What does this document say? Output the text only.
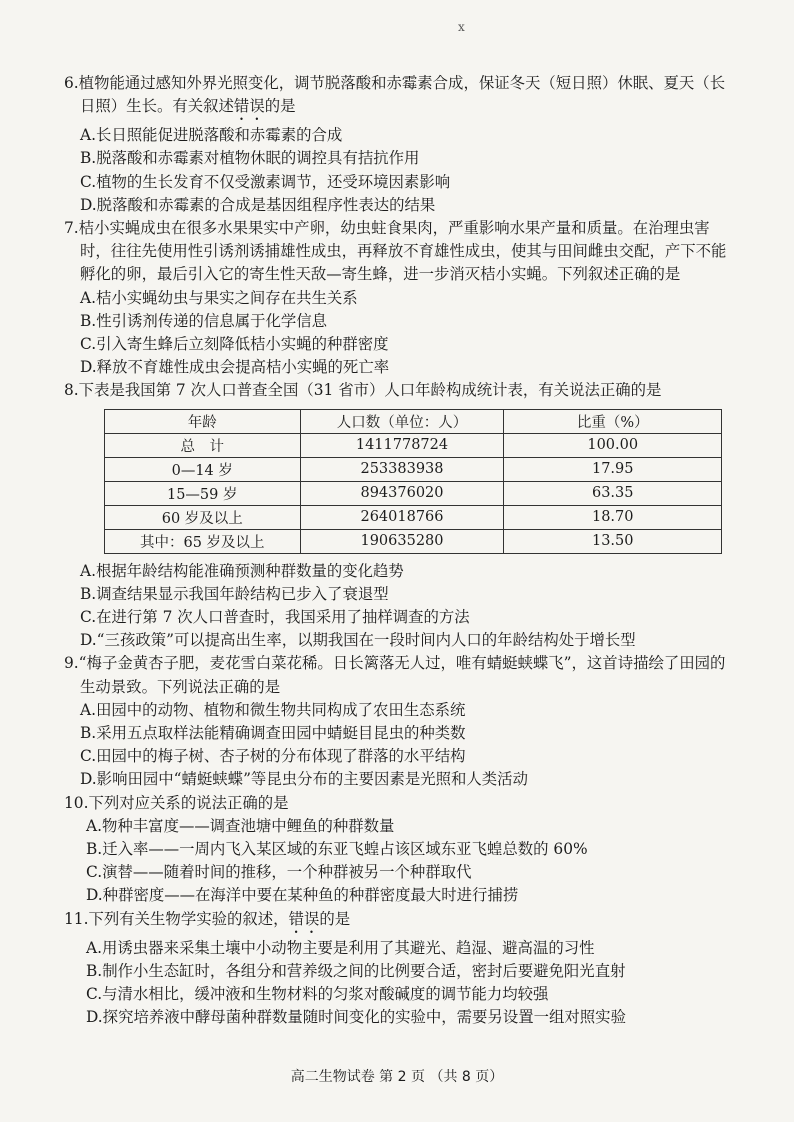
x
6.植物能通过感知外界光照变化，调节脱落酸和赤霉素合成，保证冬天（短日照）休眠、夏天（长
日照）生长。有关叙述错误的是
A.长日照能促进脱落酸和赤霉素的合成
B.脱落酸和赤霉素对植物休眠的调控具有拮抗作用
C.植物的生长发育不仅受激素调节，还受环境因素影响
D.脱落酸和赤霉素的合成是基因组程序性表达的结果
7.桔小实蝇成虫在很多水果果实中产卵，幼虫蛀食果肉，严重影响水果产量和质量。在治理虫害
时，往往先使用性引诱剂诱捕雄性成虫，再释放不育雄性成虫，使其与田间雌虫交配，产下不能
孵化的卵，最后引入它的寄生性天敌—寄生蜂，进一步消灭桔小实蝇。下列叙述正确的是
A.桔小实蝇幼虫与果实之间存在共生关系
B.性引诱剂传递的信息属于化学信息
C.引入寄生蜂后立刻降低桔小实蝇的种群密度
D.释放不育雄性成虫会提高桔小实蝇的死亡率
8.下表是我国第 7 次人口普查全国（31 省市）人口年龄构成统计表，有关说法正确的是
年龄	人口数（单位：人）	比重（%）
总　计	1411778724	100.00
0—14 岁	253383938	17.95
15—59 岁	894376020	63.35
60 岁及以上	264018766	18.70
其中：65 岁及以上	190635280	13.50
A.根据年龄结构能准确预测种群数量的变化趋势
B.调查结果显示我国年龄结构已步入了衰退型
C.在进行第 7 次人口普查时，我国采用了抽样调查的方法
D.“三孩政策”可以提高出生率，以期我国在一段时间内人口的年龄结构处于增长型
9.“梅子金黄杏子肥，麦花雪白菜花稀。日长篱落无人过，唯有蜻蜓蛱蝶飞”，这首诗描绘了田园的
生动景致。下列说法正确的是
A.田园中的动物、植物和微生物共同构成了农田生态系统
B.采用五点取样法能精确调查田园中蜻蜓目昆虫的种类数
C.田园中的梅子树、杏子树的分布体现了群落的水平结构
D.影响田园中“蜻蜓蛱蝶”等昆虫分布的主要因素是光照和人类活动
10.下列对应关系的说法正确的是
A.物种丰富度——调查池塘中鲤鱼的种群数量
B.迁入率——一周内飞入某区域的东亚飞蝗占该区域东亚飞蝗总数的 60%
C.演替——随着时间的推移，一个种群被另一个种群取代
D.种群密度——在海洋中要在某种鱼的种群密度最大时进行捕捞
11.下列有关生物学实验的叙述，错误的是
A.用诱虫器来采集土壤中小动物主要是利用了其避光、趋湿、避高温的习性
B.制作小生态缸时，各组分和营养级之间的比例要合适，密封后要避免阳光直射
C.与清水相比，缓冲液和生物材料的匀浆对酸碱度的调节能力均较强
D.探究培养液中酵母菌种群数量随时间变化的实验中，需要另设置一组对照实验
高二生物试卷 第 2 页 （共 8 页）
